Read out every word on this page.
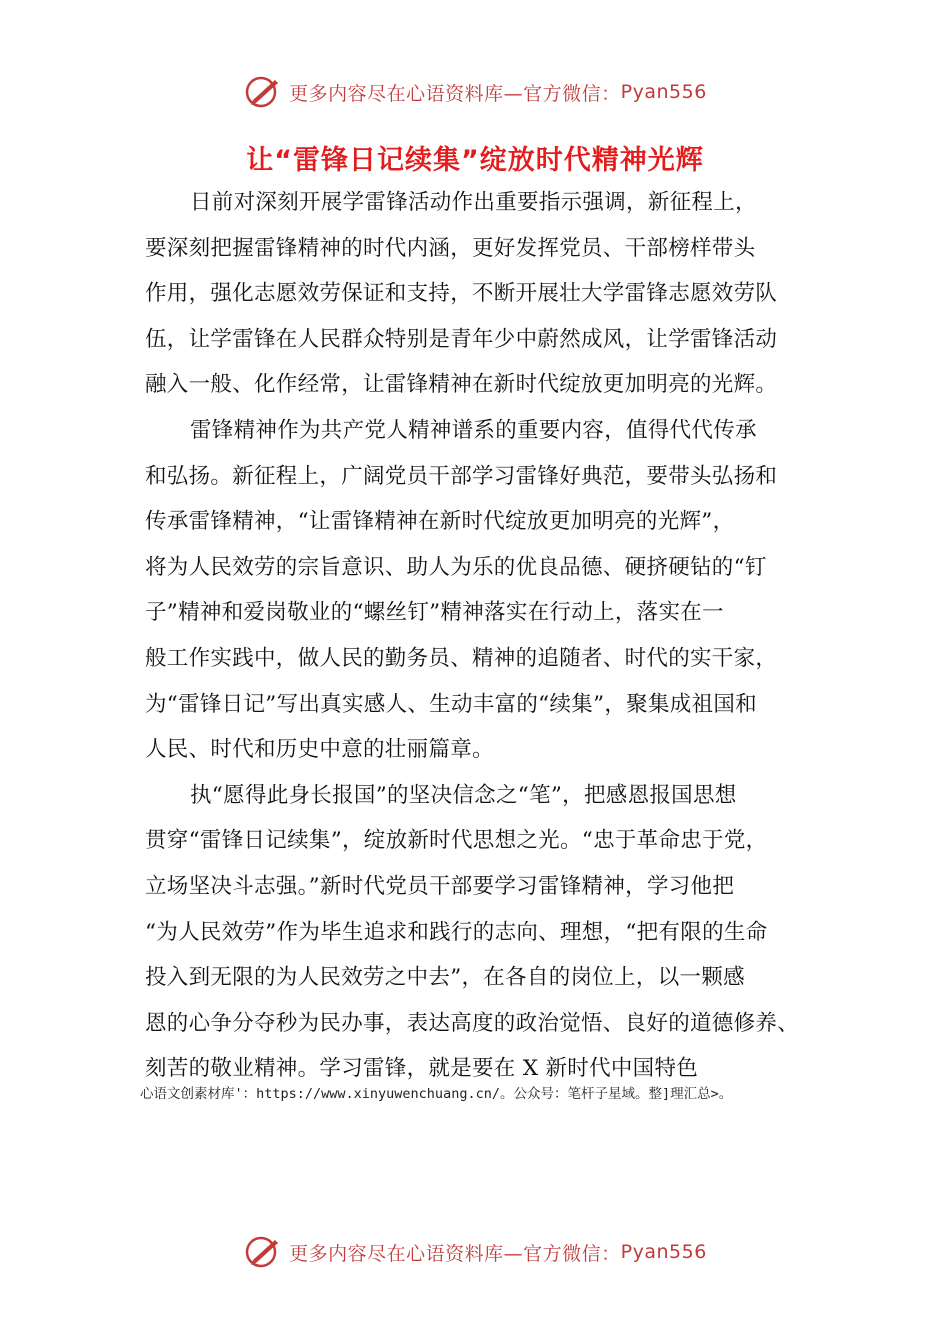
更多内容尽在心语资料库—官方微信： Pyan556
让“雷锋日记续集”绽放时代精神光辉
日前对深刻开展学雷锋活动作出重要指示强调，新征程上，
要深刻把握雷锋精神的时代内涵，更好发挥党员、干部榜样带头
作用，强化志愿效劳保证和支持，不断开展壮大学雷锋志愿效劳队
伍，让学雷锋在人民群众特别是青年少中蔚然成风，让学雷锋活动
融入一般、化作经常，让雷锋精神在新时代绽放更加明亮的光辉。
雷锋精神作为共产党人精神谱系的重要内容，值得代代传承
和弘扬。新征程上，广阔党员干部学习雷锋好典范，要带头弘扬和
传承雷锋精神，“让雷锋精神在新时代绽放更加明亮的光辉”，
将为人民效劳的宗旨意识、助人为乐的优良品德、硬挤硬钻的“钉
子”精神和爱岗敬业的“螺丝钉”精神落实在行动上，落实在一
般工作实践中，做人民的勤务员、精神的追随者、时代的实干家，
为“雷锋日记”写出真实感人、生动丰富的“续集”，聚集成祖国和
人民、时代和历史中意的壮丽篇章。
执“愿得此身长报国”的坚决信念之“笔”，把感恩报国思想
贯穿“雷锋日记续集”，绽放新时代思想之光。“忠于革命忠于党，
立场坚决斗志强。”新时代党员干部要学习雷锋精神，学习他把
“为人民效劳”作为毕生追求和践行的志向、理想，“把有限的生命
投入到无限的为人民效劳之中去”，在各自的岗位上，以一颗感
恩的心争分夺秒为民办事，表达高度的政治觉悟、良好的道德修养、
刻苦的敬业精神。学习雷锋，就是要在 X 新时代中国特色
心语文创素材库'：https://www.xinyuwenchuang.cn/。公众号：笔杆子星域。整]理汇总>。
更多内容尽在心语资料库—官方微信： Pyan556
